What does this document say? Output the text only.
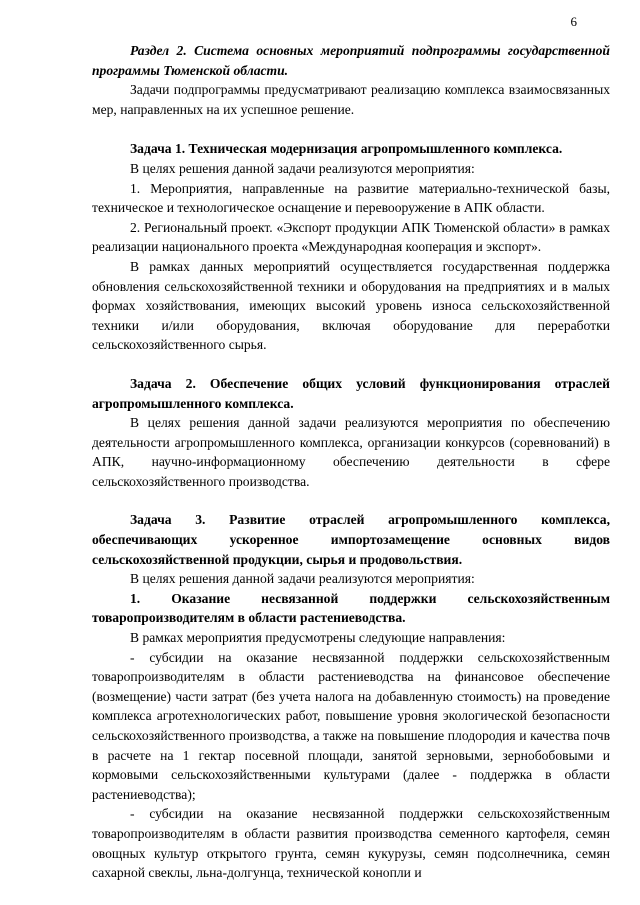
6

Раздел 2. Система основных мероприятий подпрограммы государственной программы Тюменской области.

Задачи подпрограммы предусматривают реализацию комплекса взаимосвязанных мер, направленных на их успешное решение.

Задача 1. Техническая модернизация агропромышленного комплекса.

В целях решения данной задачи реализуются мероприятия:

1. Мероприятия, направленные на развитие материально-технической базы, техническое и технологическое оснащение и перевооружение в АПК области.

2. Региональный проект. «Экспорт продукции АПК Тюменской области» в рамках реализации национального проекта «Международная кооперация и экспорт».

В рамках данных мероприятий осуществляется государственная поддержка обновления сельскохозяйственной техники и оборудования на предприятиях и в малых формах хозяйствования, имеющих высокий уровень износа сельскохозяйственной техники и/или оборудования, включая оборудование для переработки сельскохозяйственного сырья.

Задача 2. Обеспечение общих условий функционирования отраслей агропромышленного комплекса.

В целях решения данной задачи реализуются мероприятия по обеспечению деятельности агропромышленного комплекса, организации конкурсов (соревнований) в АПК, научно-информационному обеспечению деятельности в сфере сельскохозяйственного производства.

Задача 3. Развитие отраслей агропромышленного комплекса, обеспечивающих ускоренное импортозамещение основных видов сельскохозяйственной продукции, сырья и продовольствия.

В целях решения данной задачи реализуются мероприятия:

1. Оказание несвязанной поддержки сельскохозяйственным товаропроизводителям в области растениеводства.

В рамках мероприятия предусмотрены следующие направления:

- субсидии на оказание несвязанной поддержки сельскохозяйственным товаропроизводителям в области растениеводства на финансовое обеспечение (возмещение) части затрат (без учета налога на добавленную стоимость) на проведение комплекса агротехнологических работ, повышение уровня экологической безопасности сельскохозяйственного производства, а также на повышение плодородия и качества почв в расчете на 1 гектар посевной площади, занятой зерновыми, зернобобовыми и кормовыми сельскохозяйственными культурами (далее - поддержка в области растениеводства);

- субсидии на оказание несвязанной поддержки сельскохозяйственным товаропроизводителям в области развития производства семенного картофеля, семян овощных культур открытого грунта, семян кукурузы, семян подсолнечника, семян сахарной свеклы, льна-долгунца, технической конопли и
